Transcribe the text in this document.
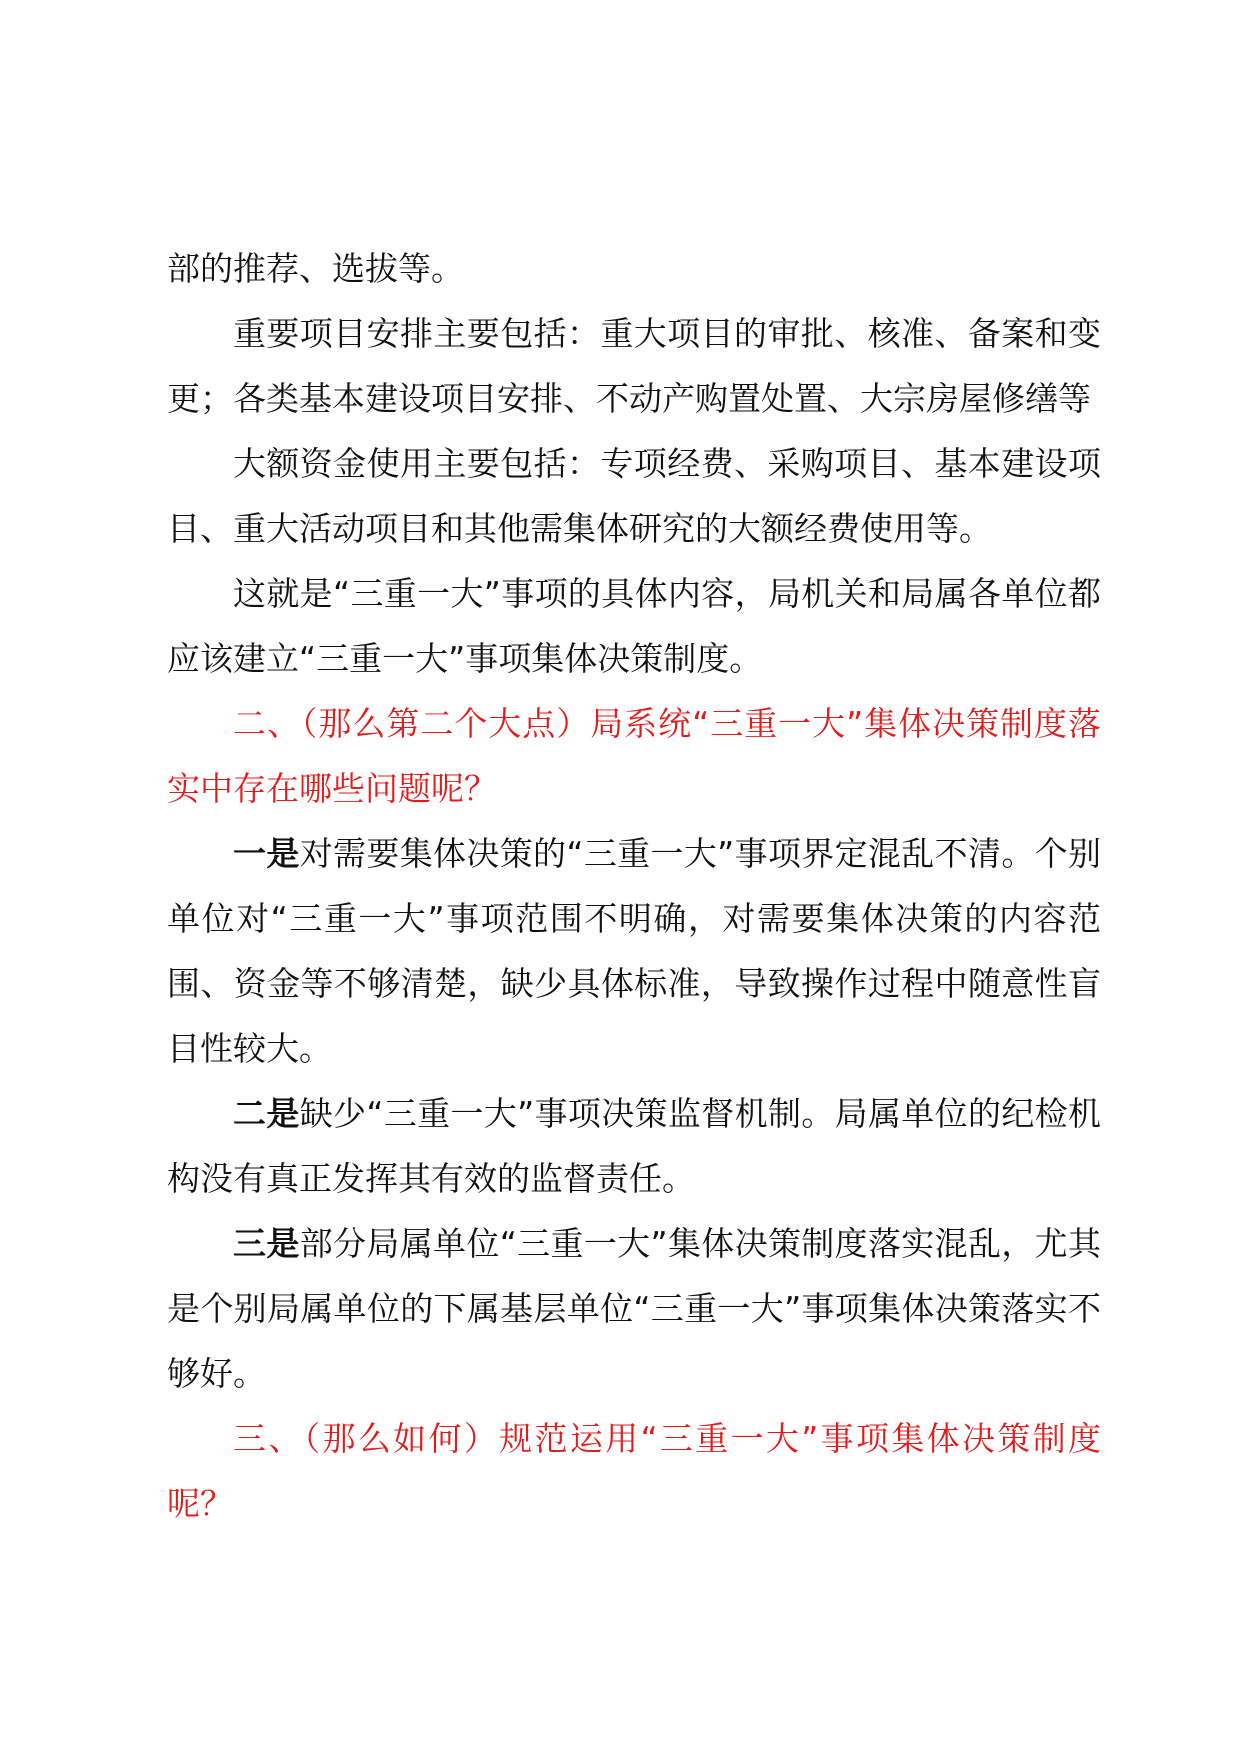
部的推荐、选拔等。

重要项目安排主要包括：重大项目的审批、核准、备案和变更；各类基本建设项目安排、不动产购置处置、大宗房屋修缮等

大额资金使用主要包括：专项经费、采购项目、基本建设项目、重大活动项目和其他需集体研究的大额经费使用等。

这就是“三重一大”事项的具体内容，局机关和局属各单位都应该建立“三重一大”事项集体决策制度。

二、（那么第二个大点）局系统“三重一大”集体决策制度落实中存在哪些问题呢？

一是对需要集体决策的“三重一大”事项界定混乱不清。个别单位对“三重一大”事项范围不明确，对需要集体决策的内容范围、资金等不够清楚，缺少具体标准，导致操作过程中随意性盲目性较大。

二是缺少“三重一大”事项决策监督机制。局属单位的纪检机构没有真正发挥其有效的监督责任。

三是部分局属单位“三重一大”集体决策制度落实混乱，尤其是个别局属单位的下属基层单位“三重一大”事项集体决策落实不够好。

三、（那么如何）规范运用“三重一大”事项集体决策制度呢？
